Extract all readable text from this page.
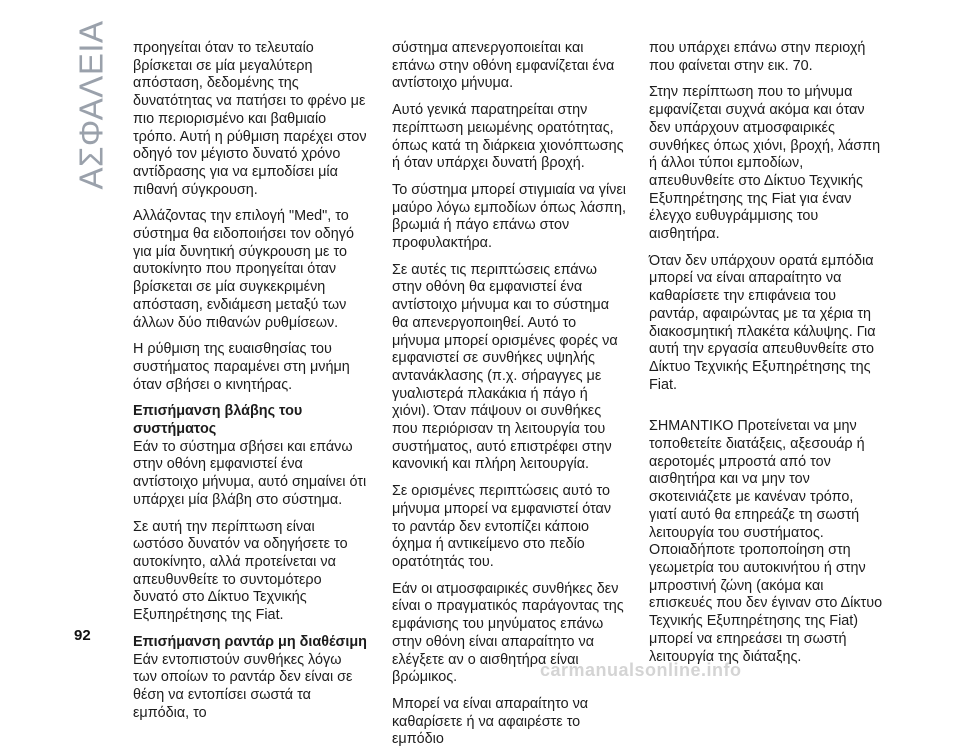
ΑΣΦΑΛΕΙΑ προηγείται όταν το τελευταίο βρίσκεται σε μία μεγαλύτερη απόσταση, δεδομένης της δυνατότητας να πατήσει το φρένο με πιο περιορισμένο και βαθμιαίο τρόπο. Αυτή η ρύθμιση παρέχει στον οδηγό τον μέγιστο δυνατό χρόνο αντίδρασης για να εμποδίσει μία πιθανή σύγκρουση.

Αλλάζοντας την επιλογή "Med", το σύστημα θα ειδοποιήσει τον οδηγό για μία δυνητική σύγκρουση με το αυτοκίνητο που προηγείται όταν βρίσκεται σε μία συγκεκριμένη απόσταση, ενδιάμεση μεταξύ των άλλων δύο πιθανών ρυθμίσεων.

Η ρύθμιση της ευαισθησίας του συστήματος παραμένει στη μνήμη όταν σβήσει ο κινητήρας.

Επισήμανση βλάβης του συστήματος

Εάν το σύστημα σβήσει και επάνω στην οθόνη εμφανιστεί ένα αντίστοιχο μήνυμα, αυτό σημαίνει ότι υπάρχει μία βλάβη στο σύστημα.

Σε αυτή την περίπτωση είναι ωστόσο δυνατόν να οδηγήσετε το αυτοκίνητο, αλλά προτείνεται να απευθυνθείτε το συντομότερο δυνατό στο Δίκτυο Τεχνικής Εξυπηρέτησης της Fiat.

Επισήμανση ραντάρ μη διαθέσιμη

Εάν εντοπιστούν συνθήκες λόγω των οποίων το ραντάρ δεν είναι σε θέση να εντοπίσει σωστά τα εμπόδια, το

σύστημα απενεργοποιείται και επάνω στην οθόνη εμφανίζεται ένα αντίστοιχο μήνυμα.

Αυτό γενικά παρατηρείται στην περίπτωση μειωμένης ορατότητας, όπως κατά τη διάρκεια χιονόπτωσης ή όταν υπάρχει δυνατή βροχή.

Το σύστημα μπορεί στιγμιαία να γίνει μαύρο λόγω εμποδίων όπως λάσπη, βρωμιά ή πάγο επάνω στον προφυλακτήρα.

Σε αυτές τις περιπτώσεις επάνω στην οθόνη θα εμφανιστεί ένα αντίστοιχο μήνυμα και το σύστημα θα απενεργοποιηθεί. Αυτό το μήνυμα μπορεί ορισμένες φορές να εμφανιστεί σε συνθήκες υψηλής αντανάκλασης (π.χ. σήραγγες με γυαλιστερά πλακάκια ή πάγο ή χιόνι). Όταν πάψουν οι συνθήκες που περιόρισαν τη λειτουργία του συστήματος, αυτό επιστρέφει στην κανονική και πλήρη λειτουργία.

Σε ορισμένες περιπτώσεις αυτό το μήνυμα μπορεί να εμφανιστεί όταν το ραντάρ δεν εντοπίζει κάποιο όχημα ή αντικείμενο στο πεδίο ορατότητάς του.

Εάν οι ατμοσφαιρικές συνθήκες δεν είναι ο πραγματικός παράγοντας της εμφάνισης του μηνύματος επάνω στην οθόνη είναι απαραίτητο να ελέγξετε αν ο αισθητήρα είναι βρώμικος.

Μπορεί να είναι απαραίτητο να καθαρίσετε ή να αφαιρέστε το εμπόδιο

που υπάρχει επάνω στην περιοχή που φαίνεται στην εικ. 70.

Στην περίπτωση που το μήνυμα εμφανίζεται συχνά ακόμα και όταν δεν υπάρχουν ατμοσφαιρικές συνθήκες όπως χιόνι, βροχή, λάσπη ή άλλοι τύποι εμποδίων, απευθυνθείτε στο Δίκτυο Τεχνικής Εξυπηρέτησης της Fiat για έναν έλεγχο ευθυγράμμισης του αισθητήρα.

Όταν δεν υπάρχουν ορατά εμπόδια μπορεί να είναι απαραίτητο να καθαρίσετε την επιφάνεια του ραντάρ, αφαιρώντας με τα χέρια τη διακοσμητική πλακέτα κάλυψης. Για αυτή την εργασία απευθυνθείτε στο Δίκτυο Τεχνικής Εξυπηρέτησης της Fiat.

ΣΗΜΑΝΤΙΚΟ Προτείνεται να μην τοποθετείτε διατάξεις, αξεσουάρ ή αεροτομές μπροστά από τον αισθητήρα και να μην τον σκοτεινιάζετε με κανέναν τρόπο, γιατί αυτό θα επηρεάζε τη σωστή λειτουργία του συστήματος. Οποιαδήποτε τροποποίηση στη γεωμετρία του αυτοκινήτου ή στην μπροστινή ζώνη (ακόμα και επισκευές που δεν έγιναν στο Δίκτυο Τεχνικής Εξυπηρέτησης της Fiat) μπορεί να επηρεάσει τη σωστή λειτουργία της διάταξης.

92
carmanualsonline.info
